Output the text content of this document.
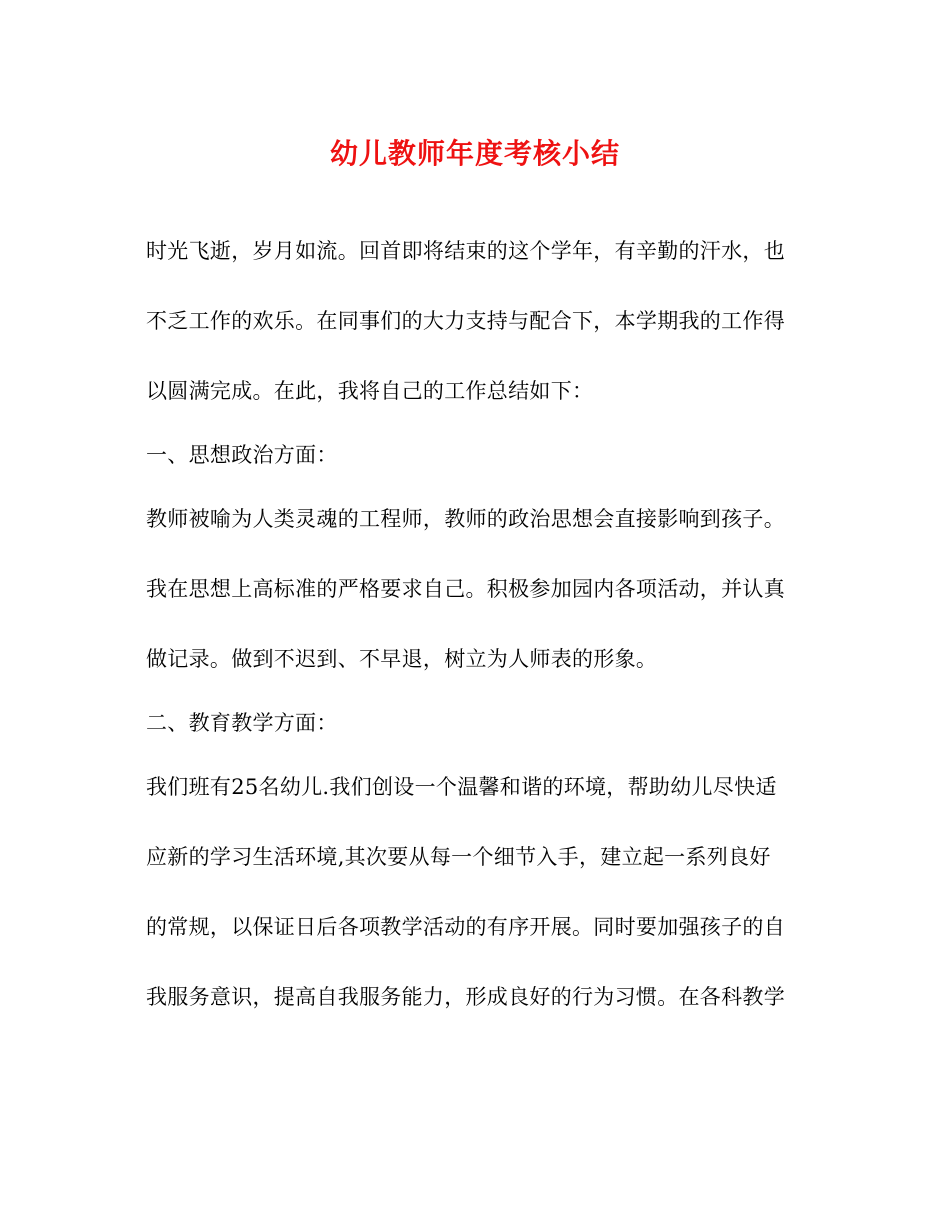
幼儿教师年度考核小结
时光飞逝，岁月如流。回首即将结束的这个学年，有辛勤的汗水，也
不乏工作的欢乐。在同事们的大力支持与配合下，本学期我的工作得
以圆满完成。在此，我将自己的工作总结如下：
一、思想政治方面：
教师被喻为人类灵魂的工程师，教师的政治思想会直接影响到孩子。
我在思想上高标准的严格要求自己。积极参加园内各项活动，并认真
做记录。做到不迟到、不早退，树立为人师表的形象。
二、教育教学方面：
我们班有25名幼儿.我们创设一个温馨和谐的环境，帮助幼儿尽快适
应新的学习生活环境,其次要从每一个细节入手，建立起一系列良好
的常规，以保证日后各项教学活动的有序开展。同时要加强孩子的自
我服务意识，提高自我服务能力，形成良好的行为习惯。在各科教学
